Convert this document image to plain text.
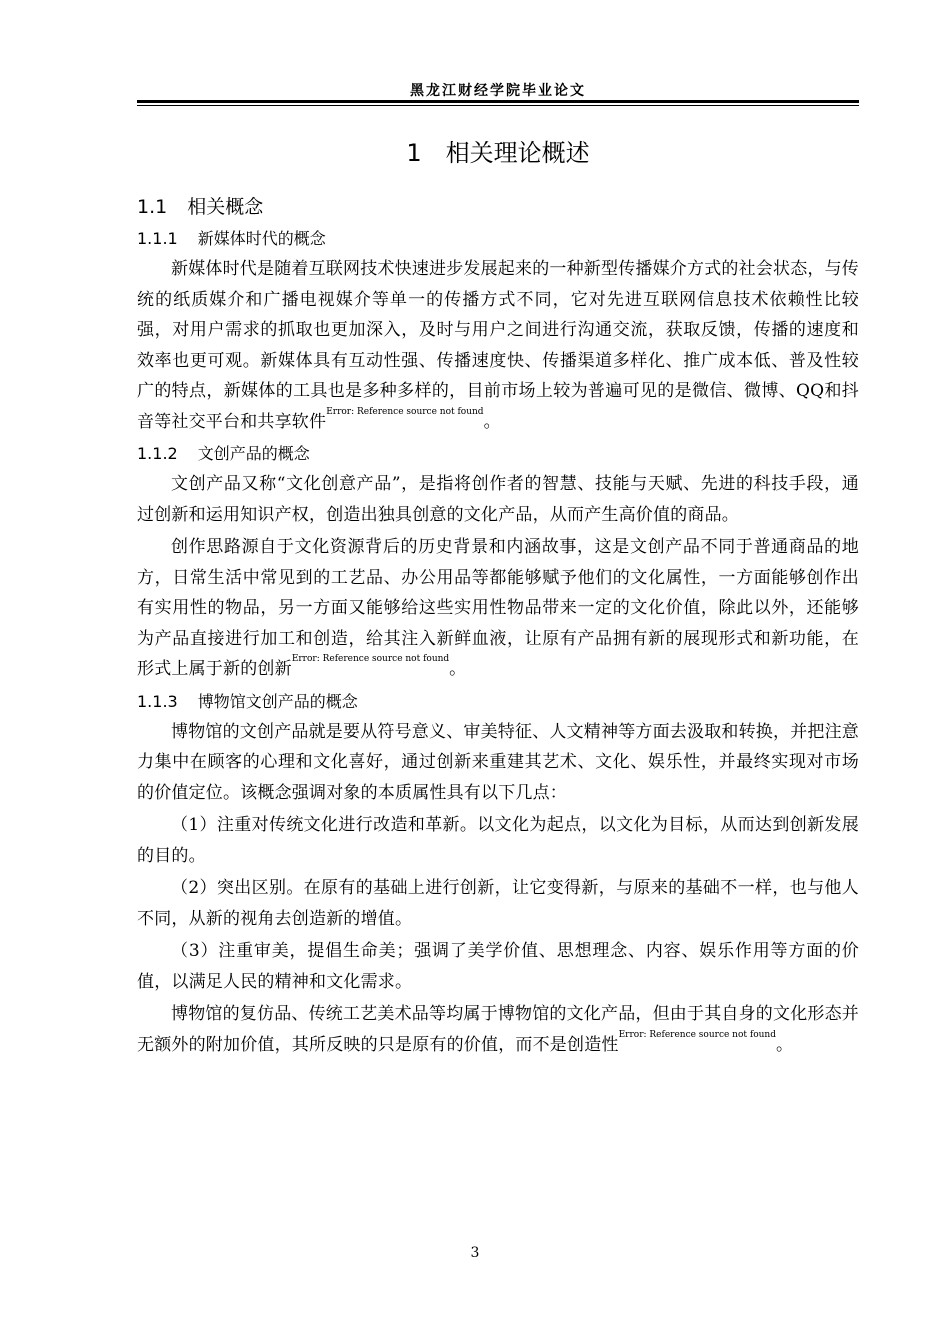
黑龙江财经学院毕业论文
1 相关理论概述
1.1 相关概念
1.1.1 新媒体时代的概念

新媒体时代是随着互联网技术快速进步发展起来的一种新型传播媒介方式的社会状态，与传统的纸质媒介和广播电视媒介等单一的传播方式不同，它对先进互联网信息技术依赖性比较强，对用户需求的抓取也更加深入，及时与用户之间进行沟通交流，获取反馈，传播的速度和效率也更可观。新媒体具有互动性强、传播速度快、传播渠道多样化、推广成本低、普及性较广的特点，新媒体的工具也是多种多样的，目前市场上较为普遍可见的是微信、微博、QQ和抖音等社交平台和共享软件$^{Error: Reference source not found}$。

1.1.2 文创产品的概念

文创产品又称“文化创意产品”，是指将创作者的智慧、技能与天赋、先进的科技手段，通过创新和运用知识产权，创造出独具创意的文化产品，从而产生高价值的商品。

创作思路源自于文化资源背后的历史背景和内涵故事，这是文创产品不同于普通商品的地方，日常生活中常见到的工艺品、办公用品等都能够赋予他们的文化属性，一方面能够创作出有实用性的物品，另一方面又能够给这些实用性物品带来一定的文化价值，除此以外，还能够为产品直接进行加工和创造，给其注入新鲜血液，让原有产品拥有新的展现形式和新功能，在形式上属于新的创新$^{Error: Reference source not found}$。

1.1.3 博物馆文创产品的概念

博物馆的文创产品就是要从符号意义、审美特征、人文精神等方面去汲取和转换，并把注意力集中在顾客的心理和文化喜好，通过创新来重建其艺术、文化、娱乐性，并最终实现对市场的价值定位。该概念强调对象的本质属性具有以下几点：

（1）注重对传统文化进行改造和革新。以文化为起点，以文化为目标，从而达到创新发展的目的。

（2）突出区别。在原有的基础上进行创新，让它变得新，与原来的基础不一样，也与他人不同，从新的视角去创造新的增值。

（3）注重审美，提倡生命美；强调了美学价值、思想理念、内容、娱乐作用等方面的价值，以满足人民的精神和文化需求。

博物馆的复仿品、传统工艺美术品等均属于博物馆的文化产品，但由于其自身的文化形态并无额外的附加价值，其所反映的只是原有的价值，而不是创造性$^{Error: Reference source not found}$。

3
